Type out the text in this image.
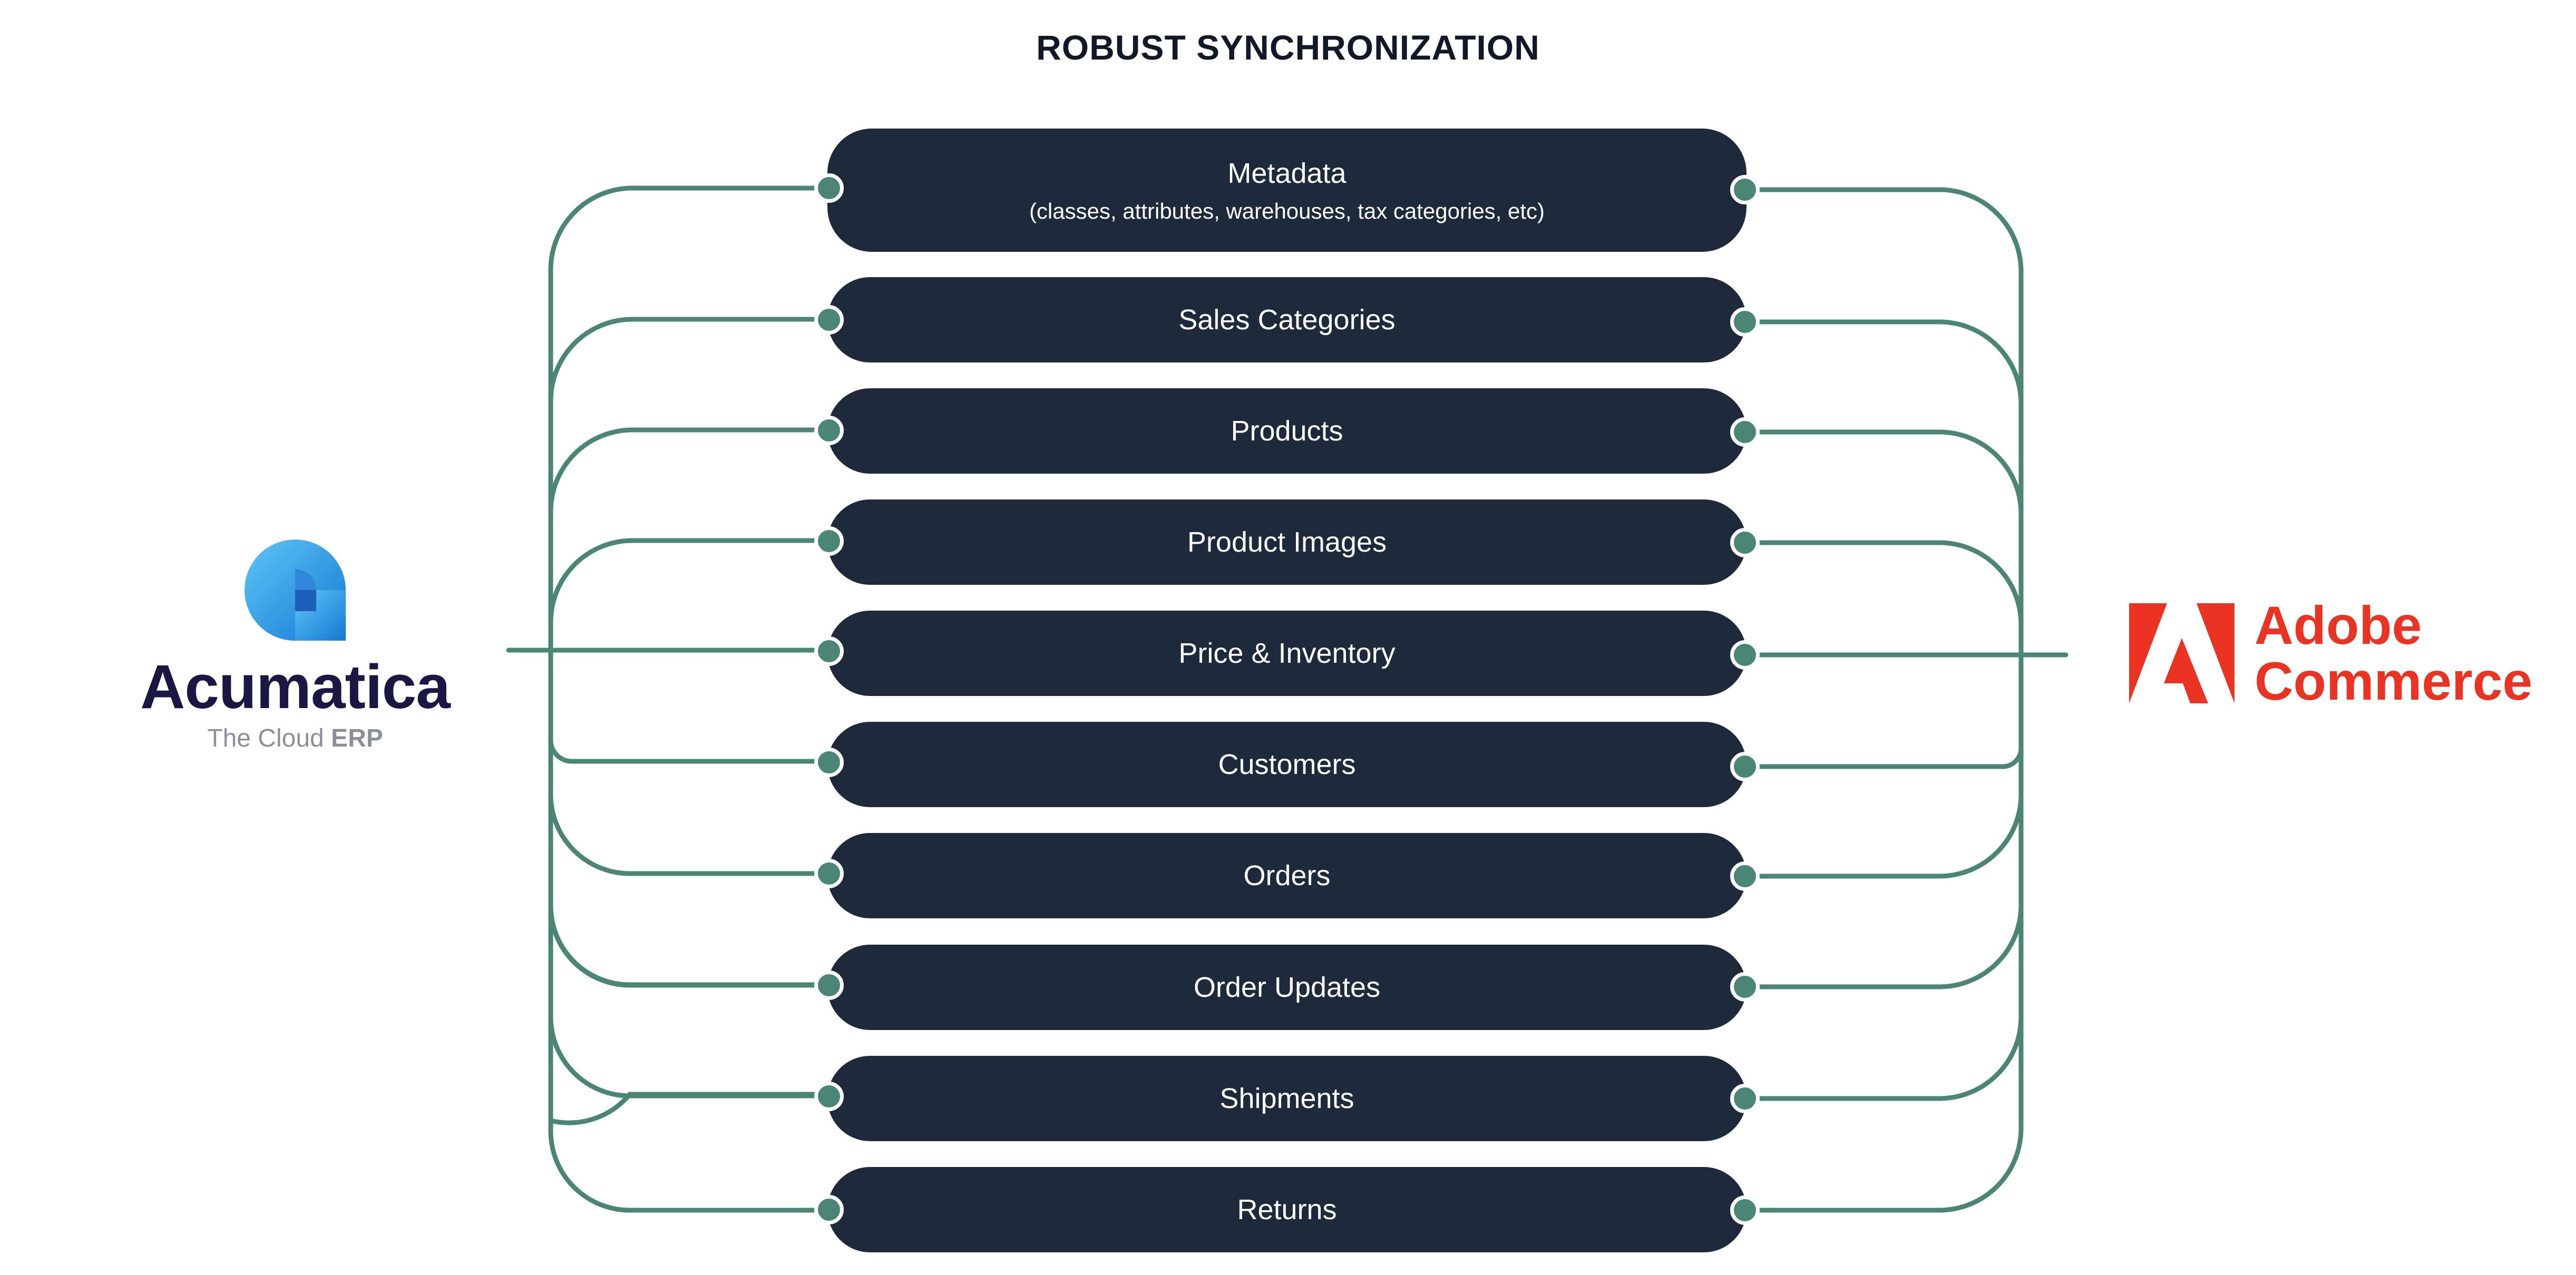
ROBUST SYNCHRONIZATION
Acumatica
The Cloud ERP
Adobe
Commerce
Metadata
(classes, attributes, warehouses, tax categories, etc)
Sales Categories
Products
Product Images
Price & Inventory
Customers
Orders
Order Updates
Shipments
Returns
